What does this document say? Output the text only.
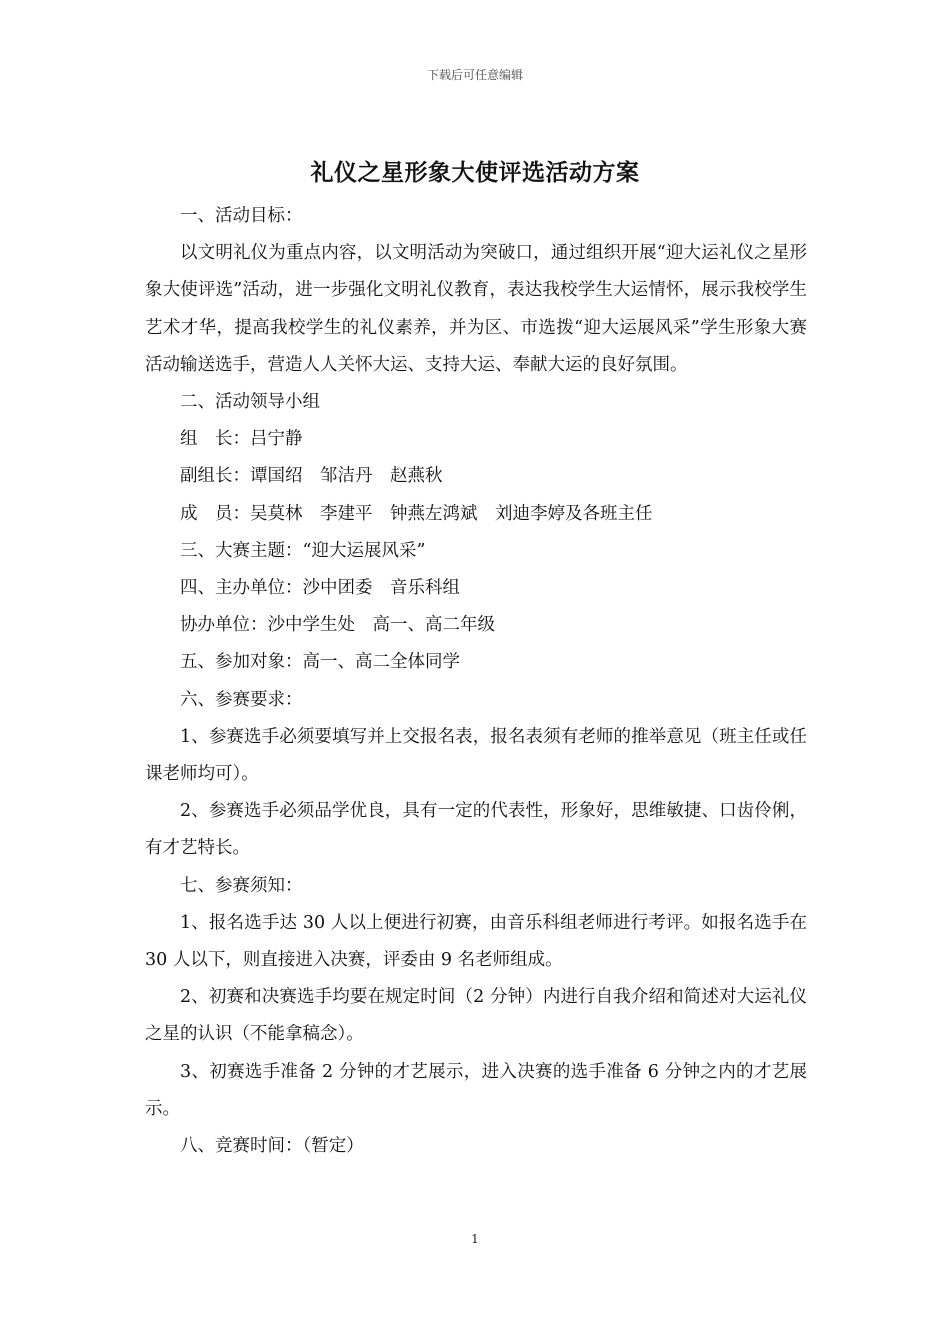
下载后可任意编辑
礼仪之星形象大使评选活动方案

一、活动目标：

以文明礼仪为重点内容，以文明活动为突破口，通过组织开展“迎大运礼仪之星形象大使评选”活动，进一步强化文明礼仪教育，表达我校学生大运情怀，展示我校学生艺术才华，提高我校学生的礼仪素养，并为区、市选拨“迎大运展风采”学生形象大赛活动输送选手，营造人人关怀大运、支持大运、奉献大运的良好氛围。

二、活动领导小组

组　长：吕宁静

副组长：谭国绍　邹洁丹　赵燕秋

成　员：吴莫林　李建平　钟燕左鸿斌　刘迪李婷及各班主任

三、大赛主题：“迎大运展风采”

四、主办单位：沙中团委　音乐科组

协办单位：沙中学生处　高一、高二年级

五、参加对象：高一、高二全体同学

六、参赛要求：

1、参赛选手必须要填写并上交报名表，报名表须有老师的推举意见（班主任或任课老师均可）。

2、参赛选手必须品学优良，具有一定的代表性，形象好，思维敏捷、口齿伶俐，有才艺特长。

七、参赛须知：

1、报名选手达 30 人以上便进行初赛，由音乐科组老师进行考评。如报名选手在 30 人以下，则直接进入决赛，评委由 9 名老师组成。

2、初赛和决赛选手均要在规定时间（2 分钟）内进行自我介绍和简述对大运礼仪之星的认识（不能拿稿念）。

3、初赛选手准备 2 分钟的才艺展示，进入决赛的选手准备 6 分钟之内的才艺展示。

八、竞赛时间：（暂定）

1
